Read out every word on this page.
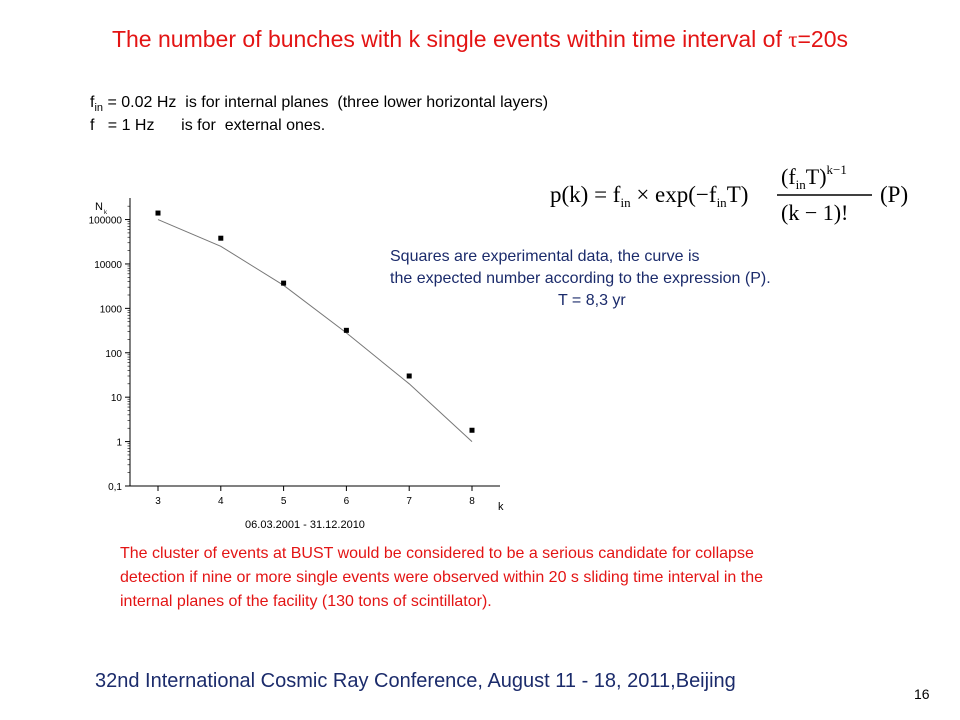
The number of bunches with k single events within time interval of τ=20s
$f_{in} = 0.02$ Hz  is for internal planes  (three lower horizontal layers)
f   = 1 Hz      is for  external ones.
$p(k) = f_{in} \times \exp(-f_{in}T)$
$(f_{in}T)^{k-1}$
(k − 1)!
(P)
Squares are experimental data, the curve is
the expected number according to the expression (P).
T = 8,3 yr
0,1
1
10
100
1000
10000
100000
3	4	5	6	7	8
N k
k
06.03.2001 - 31.12.2010
The cluster of events at BUST would be considered to be a serious candidate for collapse detection if nine or more single events were observed within 20 s sliding time interval in the internal planes of the facility (130 tons of scintillator).
32nd International Cosmic Ray Conference, August 11 - 18, 2011,Beijing
16
